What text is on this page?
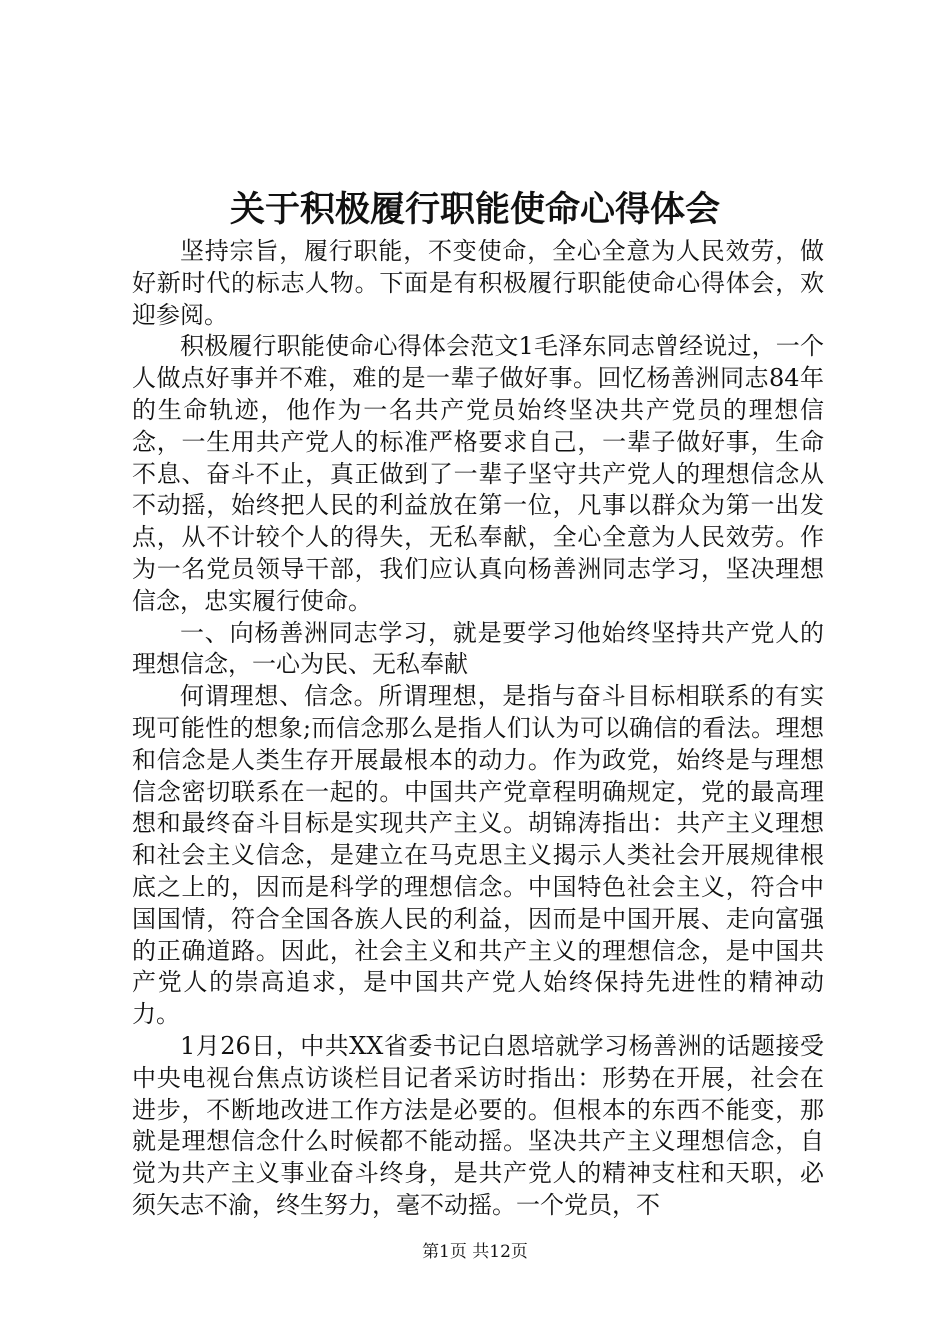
关于积极履行职能使命心得体会

坚持宗旨，履行职能，不变使命，全心全意为人民效劳，做好新时代的标志人物。下面是有积极履行职能使命心得体会，欢迎参阅。

积极履行职能使命心得体会范文1毛泽东同志曾经说过，一个人做点好事并不难，难的是一辈子做好事。回忆杨善洲同志84年的生命轨迹，他作为一名共产党员始终坚决共产党员的理想信念，一生用共产党人的标准严格要求自己，一辈子做好事，生命不息、奋斗不止，真正做到了一辈子坚守共产党人的理想信念从不动摇，始终把人民的利益放在第一位，凡事以群众为第一出发点，从不计较个人的得失，无私奉献，全心全意为人民效劳。作为一名党员领导干部，我们应认真向杨善洲同志学习，坚决理想信念，忠实履行使命。

一、向杨善洲同志学习，就是要学习他始终坚持共产党人的理想信念，一心为民、无私奉献

何谓理想、信念。所谓理想，是指与奋斗目标相联系的有实现可能性的想象;而信念那么是指人们认为可以确信的看法。理想和信念是人类生存开展最根本的动力。作为政党，始终是与理想信念密切联系在一起的。中国共产党章程明确规定，党的最高理想和最终奋斗目标是实现共产主义。胡锦涛指出：共产主义理想和社会主义信念，是建立在马克思主义揭示人类社会开展规律根底之上的，因而是科学的理想信念。中国特色社会主义，符合中国国情，符合全国各族人民的利益，因而是中国开展、走向富强的正确道路。因此，社会主义和共产主义的理想信念，是中国共产党人的崇高追求，是中国共产党人始终保持先进性的精神动力。

1月26日，中共XX省委书记白恩培就学习杨善洲的话题接受中央电视台焦点访谈栏目记者采访时指出：形势在开展，社会在进步，不断地改进工作方法是必要的。但根本的东西不能变，那就是理想信念什么时候都不能动摇。坚决共产主义理想信念，自觉为共产主义事业奋斗终身，是共产党人的精神支柱和天职，必须矢志不渝，终生努力，毫不动摇。一个党员，不

第1页 共12页
